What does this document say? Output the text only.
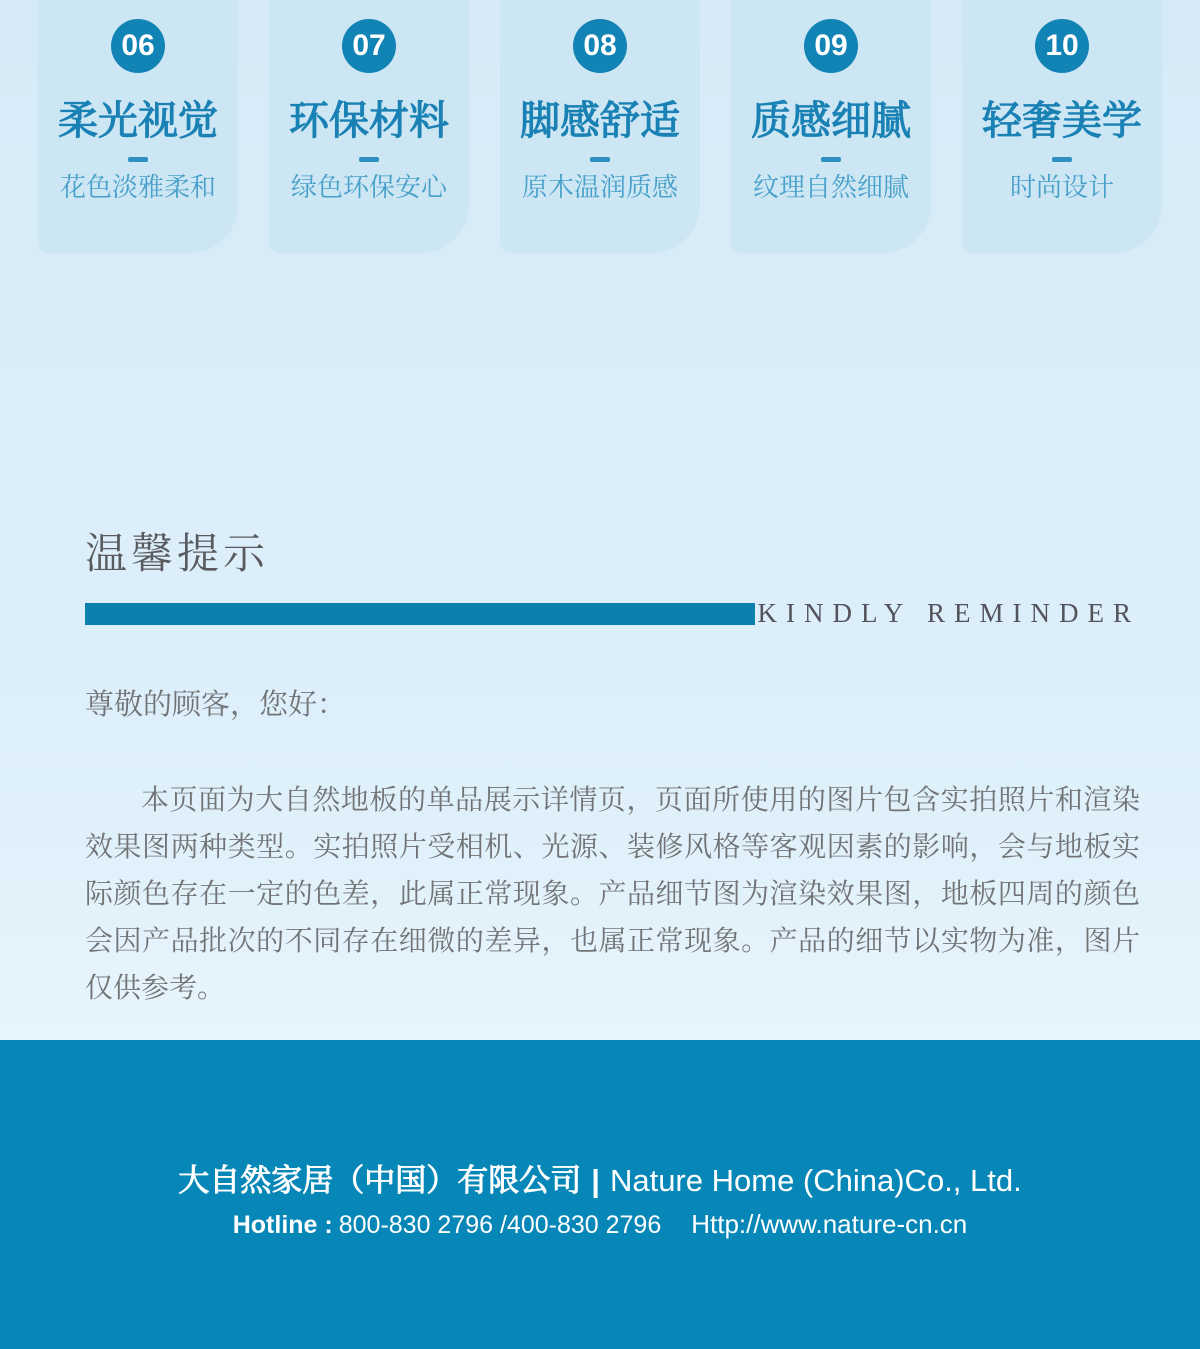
06
柔光视觉
花色淡雅柔和
07
环保材料
绿色环保安心
08
脚感舒适
原木温润质感
09
质感细腻
纹理自然细腻
10
轻奢美学
时尚设计
温馨提示
KINDLY REMINDER
尊敬的顾客，您好：
本页面为大自然地板的单品展示详情页，页面所使用的图片包含实拍照片和渲染效果图两种类型。实拍照片受相机、光源、装修风格等客观因素的影响，会与地板实际颜色存在一定的色差，此属正常现象。产品细节图为渲染效果图，地板四周的颜色会因产品批次的不同存在细微的差异，也属正常现象。产品的细节以实物为准，图片仅供参考。
大自然家居（中国）有限公司 | Nature Home (China)Co., Ltd.
Hotline : 800-830 2796 /400-830 2796 Http://www.nature-cn.cn
